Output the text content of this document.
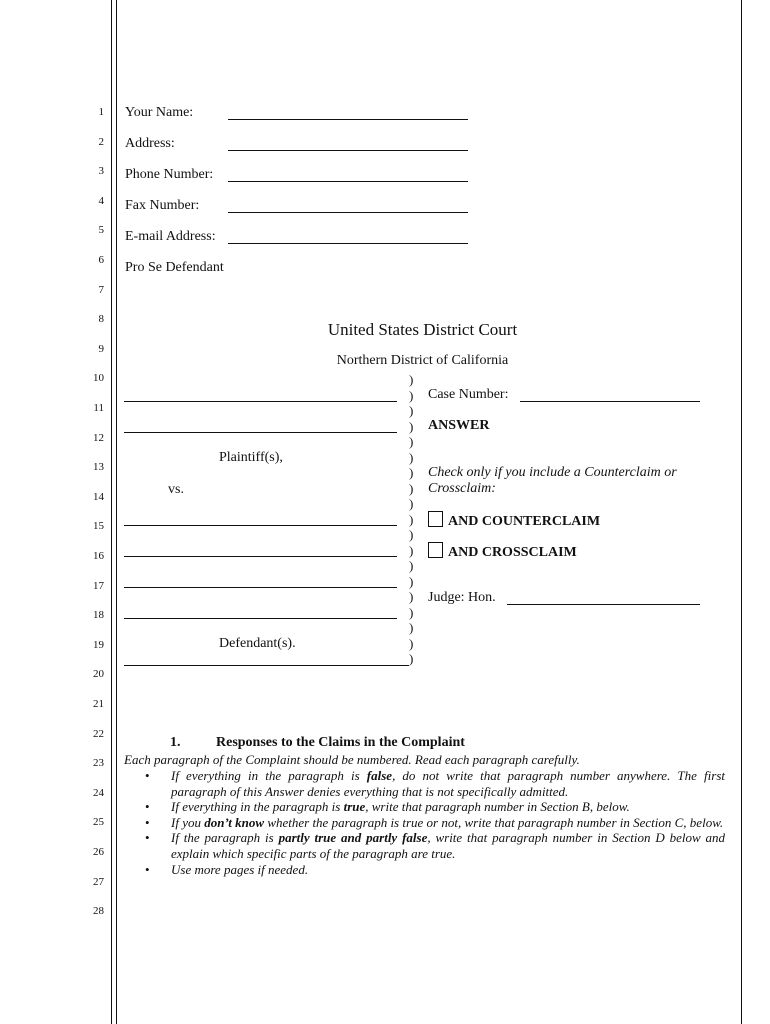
1
2
3
4
5
6
7
8
9
10
11
12
13
14
15
16
17
18
19
20
21
22
23
24
25
26
27
28
Your Name:
Address:
Phone Number:
Fax Number:
E-mail Address:
Pro Se Defendant
United States District Court
Northern District of California
Plaintiff(s),
vs.
Defendant(s).
)
)
)
)
)
)
)
)
)
)
)
)
)
)
)
)
)
)
)
Case Number:
ANSWER
Check only if you include a Counterclaim or Crossclaim:
AND COUNTERCLAIM
AND CROSSCLAIM
Judge: Hon.
1.	Responses to the Claims in the Complaint
Each paragraph of the Complaint should be numbered. Read each paragraph carefully.
• If everything in the paragraph is false, do not write that paragraph number anywhere. The first paragraph of this Answer denies everything that is not specifically admitted.
• If everything in the paragraph is true, write that paragraph number in Section B, below.
• If you don’t know whether the paragraph is true or not, write that paragraph number in Section C, below.
• If the paragraph is partly true and partly false, write that paragraph number in Section D below and explain which specific parts of the paragraph are true.
• Use more pages if needed.
